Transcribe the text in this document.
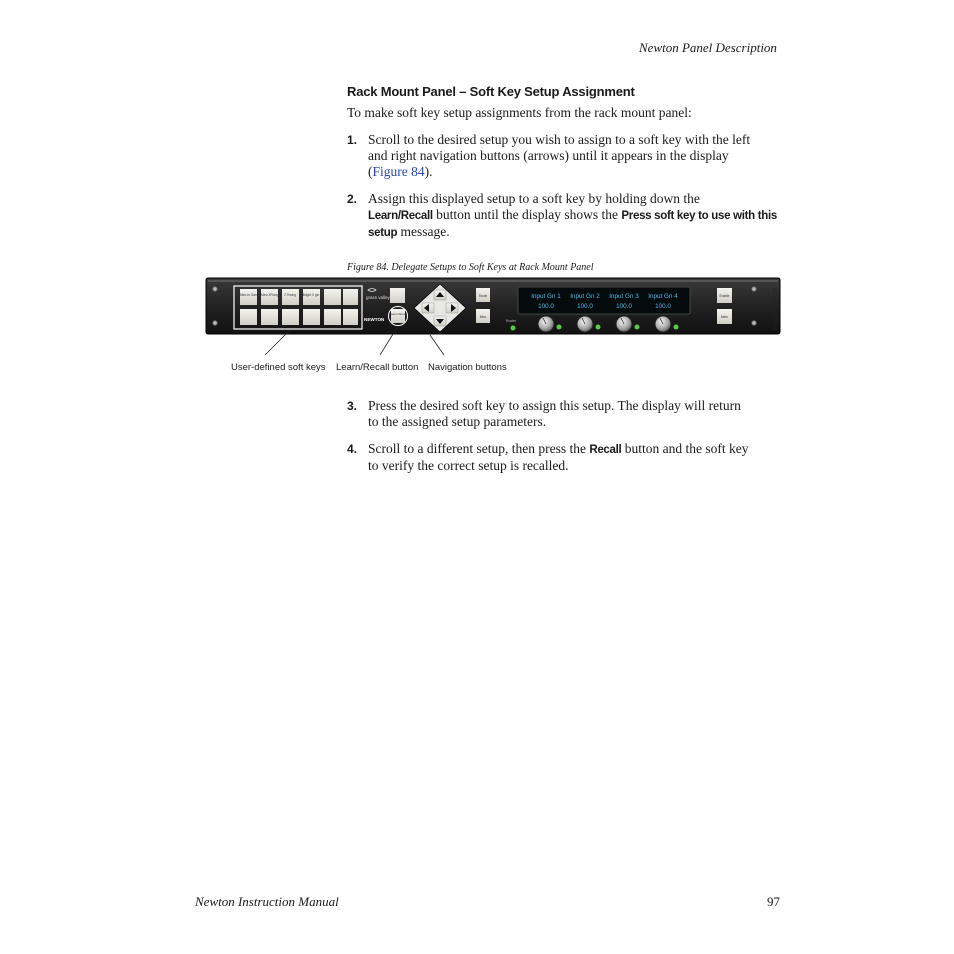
Newton Panel Description
Rack Mount Panel – Soft Key Setup Assignment
To make soft key setup assignments from the rack mount panel:
1. Scroll to the desired setup you wish to assign to a soft key with the left
and right navigation buttons (arrows) until it appears in the display
(Figure 84).
2. Assign this displayed setup to a soft key by holding down the
Learn/Recall button until the display shows the Press soft key to use with this
setup message.
Figure 84. Delegate Setups to Soft Keys at Rack Mount Panel
Video In Gain Video XFlang 2 Timing Bright X gin	grass valley
NEWTON
Learn/ Recall
Route
Misc
Router
Input Gn 1 Input Gn 2 Input Gn 3 Input Gn 4
100.0	100.0	100.0	100.0
Enable
Mem	8234_00_05r1
User-defined soft keys Learn/Recall button Navigation buttons
3. Press the desired soft key to assign this setup. The display will return
to the assigned setup parameters.
4. Scroll to a different setup, then press the Recall button and the soft key
to verify the correct setup is recalled.
Newton Instruction Manual	97
